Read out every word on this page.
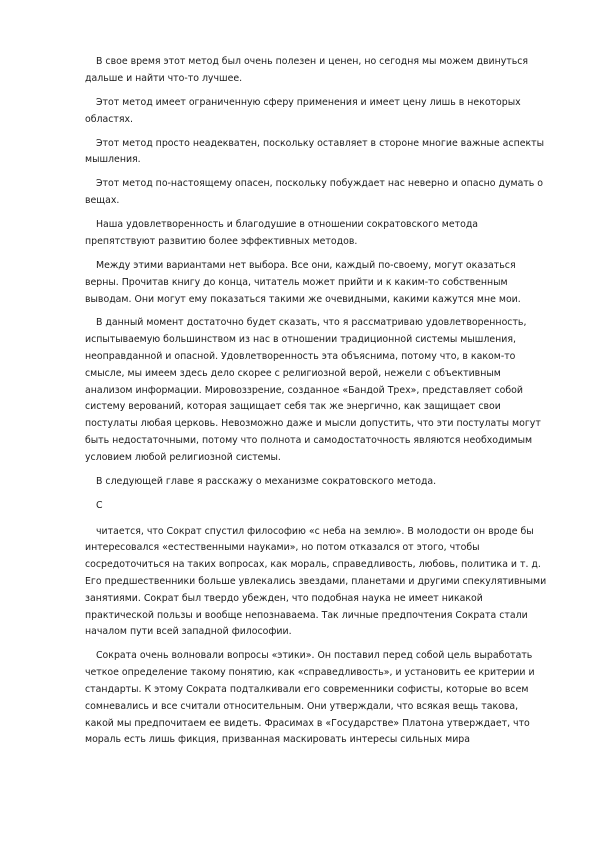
В свое время этот метод был очень полезен и ценен, но сегодня мы можем двинуться дальше и найти что-то лучшее.

Этот метод имеет ограниченную сферу применения и имеет цену лишь в некоторых областях.

Этот метод просто неадекватен, поскольку оставляет в стороне многие важные аспекты мышления.

Этот метод по-настоящему опасен, поскольку побуждает нас неверно и опасно думать о вещах.

Наша удовлетворенность и благодушие в отношении сократовского метода препятствуют развитию более эффективных методов.

Между этими вариантами нет выбора. Все они, каждый по-своему, могут оказаться верны. Прочитав книгу до конца, читатель может прийти и к каким-то собственным выводам. Они могут ему показаться такими же очевидными, какими кажутся мне мои.

В данный момент достаточно будет сказать, что я рассматриваю удовлетворенность, испытываемую большинством из нас в отношении традиционной системы мышления, неоправданной и опасной. Удовлетворенность эта объяснима, потому что, в каком-то смысле, мы имеем здесь дело скорее с религиозной верой, нежели с объективным анализом информации. Мировоззрение, созданное «Бандой Трех», представляет собой систему верований, которая защищает себя так же энергично, как защищает свои постулаты любая церковь. Невозможно даже и мысли допустить, что эти постулаты могут быть недостаточными, потому что полнота и самодостаточность являются необходимым условием любой религиозной системы.

В следующей главе я расскажу о механизме сократовского метода.

С

читается, что Сократ спустил философию «с неба на землю». В молодости он вроде бы интересовался «естественными науками», но потом отказался от этого, чтобы сосредоточиться на таких вопросах, как мораль, справедливость, любовь, политика и т. д. Его предшественники больше увлекались звездами, планетами и другими спекулятивными занятиями. Сократ был твердо убежден, что подобная наука не имеет никакой практической пользы и вообще непознаваема. Так личные предпочтения Сократа стали началом пути всей западной философии.

Сократа очень волновали вопросы «этики». Он поставил перед собой цель выработать четкое определение такому понятию, как «справедливость», и установить ее критерии и стандарты. К этому Сократа подталкивали его современники софисты, которые во всем сомневались и все считали относительным. Они утверждали, что всякая вещь такова, какой мы предпочитаем ее видеть. Фрасимах в «Государстве» Платона утверждает, что мораль есть лишь фикция, призванная маскировать интересы сильных мира
